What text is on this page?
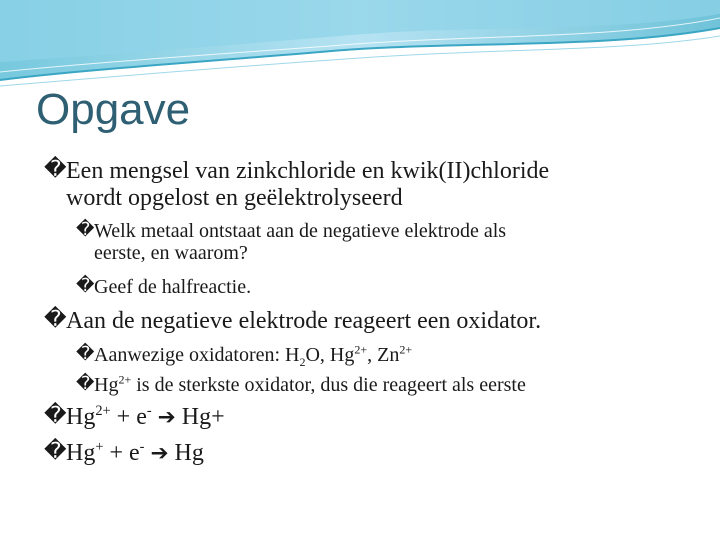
Opgave
� Een mengsel van zinkchloride en kwik(II)chloride
wordt opgelost en geëlektrolyseerd
� Welk metaal ontstaat aan de negatieve elektrode als
eerste, en waarom?
� Geef de halfreactie.
� Aan de negatieve elektrode reageert een oxidator.
� Aanwezige oxidatoren: $H_2O$, $Hg^{2+}$, $Zn^{2+}$
� $Hg^{2+}$ is de sterkste oxidator, dus die reageert als eerste
� $Hg^{2+} + e^-$ ➔ Hg+
� Hg+ + e- ➔ Hg
